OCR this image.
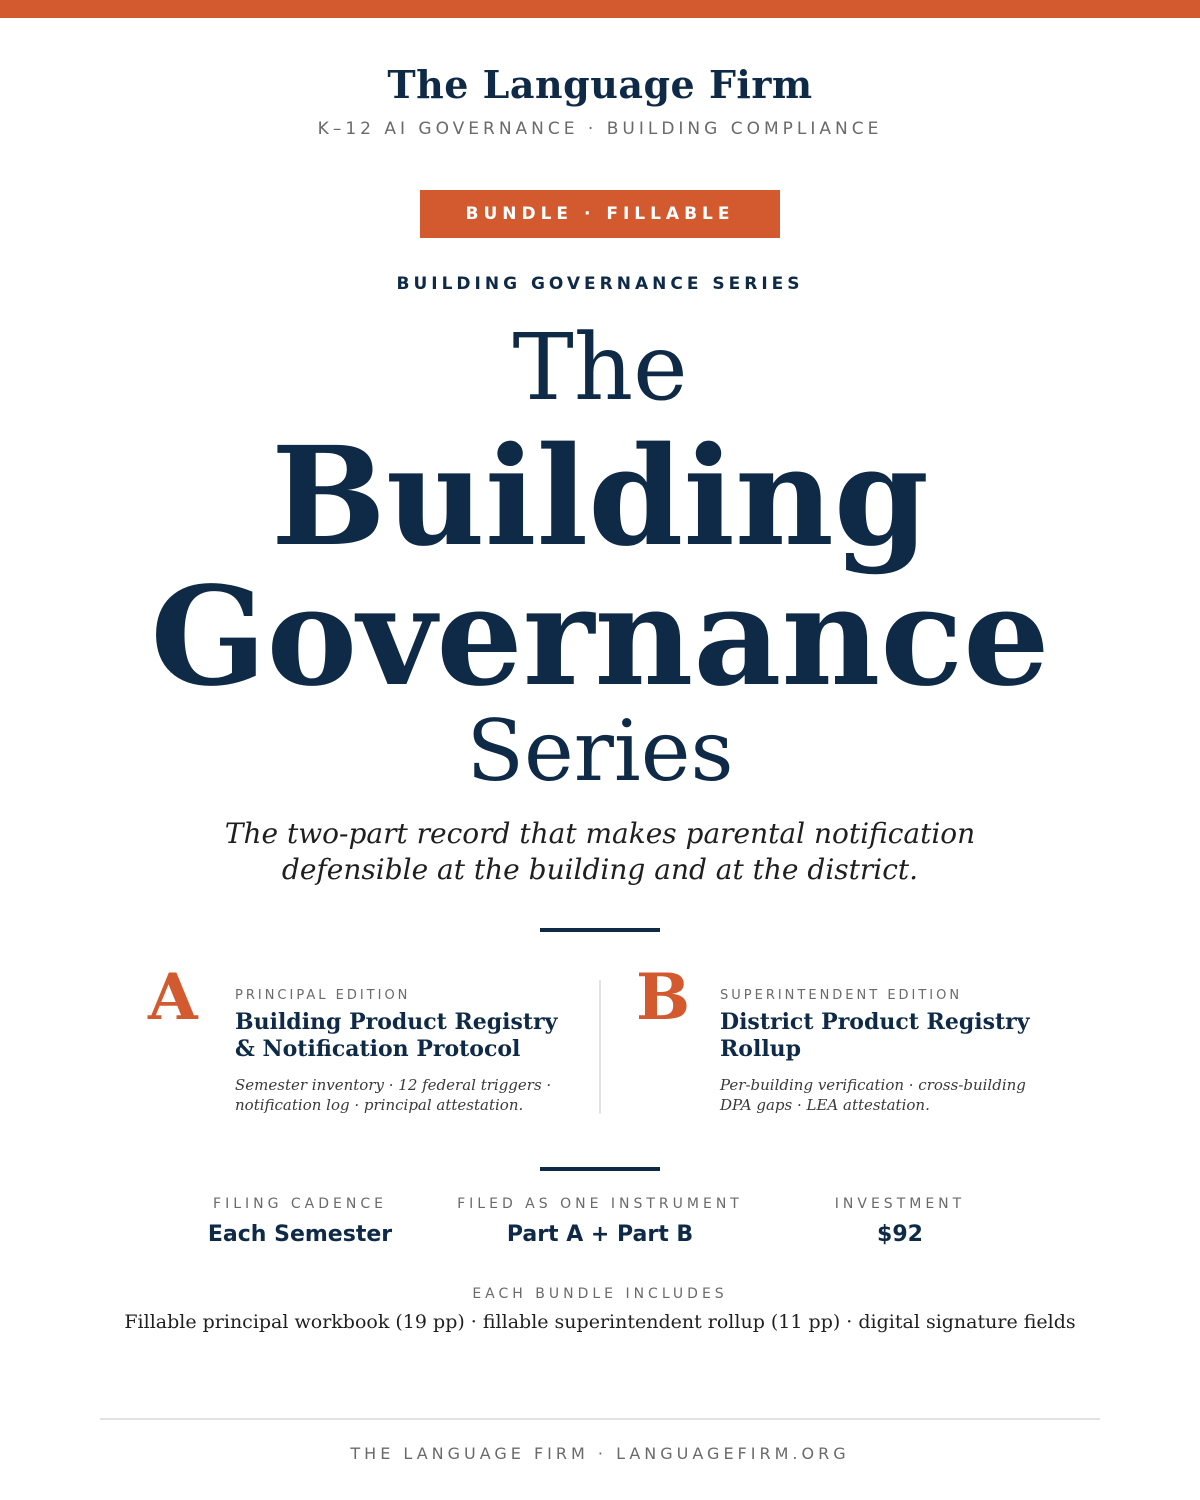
The Language Firm
K–12 AI GOVERNANCE · BUILDING COMPLIANCE
BUNDLE · FILLABLE
BUILDING GOVERNANCE SERIES
The
Building
Governance
Series
The two-part record that makes parental notification
defensible at the building and at the district.
A	PRINCIPAL EDITION
Building Product Registry
& Notification Protocol
Semester inventory · 12 federal triggers ·
notification log · principal attestation.
B SUPERINTENDENT EDITION
District Product Registry
Rollup
Per-building verification · cross-building
DPA gaps · LEA attestation.
FILING CADENCE
Each Semester
FILED AS ONE INSTRUMENT
Part A + Part B
INVESTMENT
$92
EACH BUNDLE INCLUDES
Fillable principal workbook (19 pp) · fillable superintendent rollup (11 pp) · digital signature fields
THE LANGUAGE FIRM · LANGUAGEFIRM.ORG
